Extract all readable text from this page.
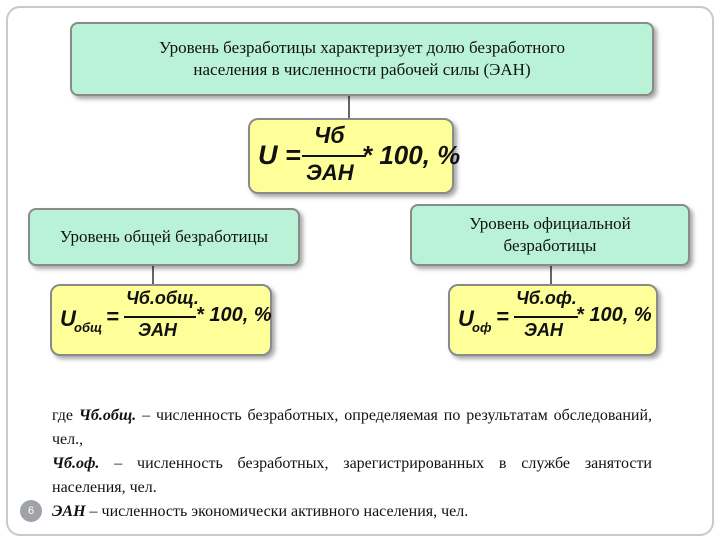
Уровень безработицы характеризует долю безработного
населения в численности рабочей силы (ЭАН)
U =
Чб
ЭАН
* 100, %
Уровень общей безработицы
Уровень официальной
безработицы
U
общ =
Чб.общ.
ЭАН
* 100, %	U
оф =
Чб.оф.
ЭАН
* 100, %
где Чб.общ. – численность безработных, определяемая по результатам обследований, чел.,
Чб.оф. – численность безработных, зарегистрированных в службе занятости населения, чел.
ЭАН – численность экономически активного населения, чел.
6
